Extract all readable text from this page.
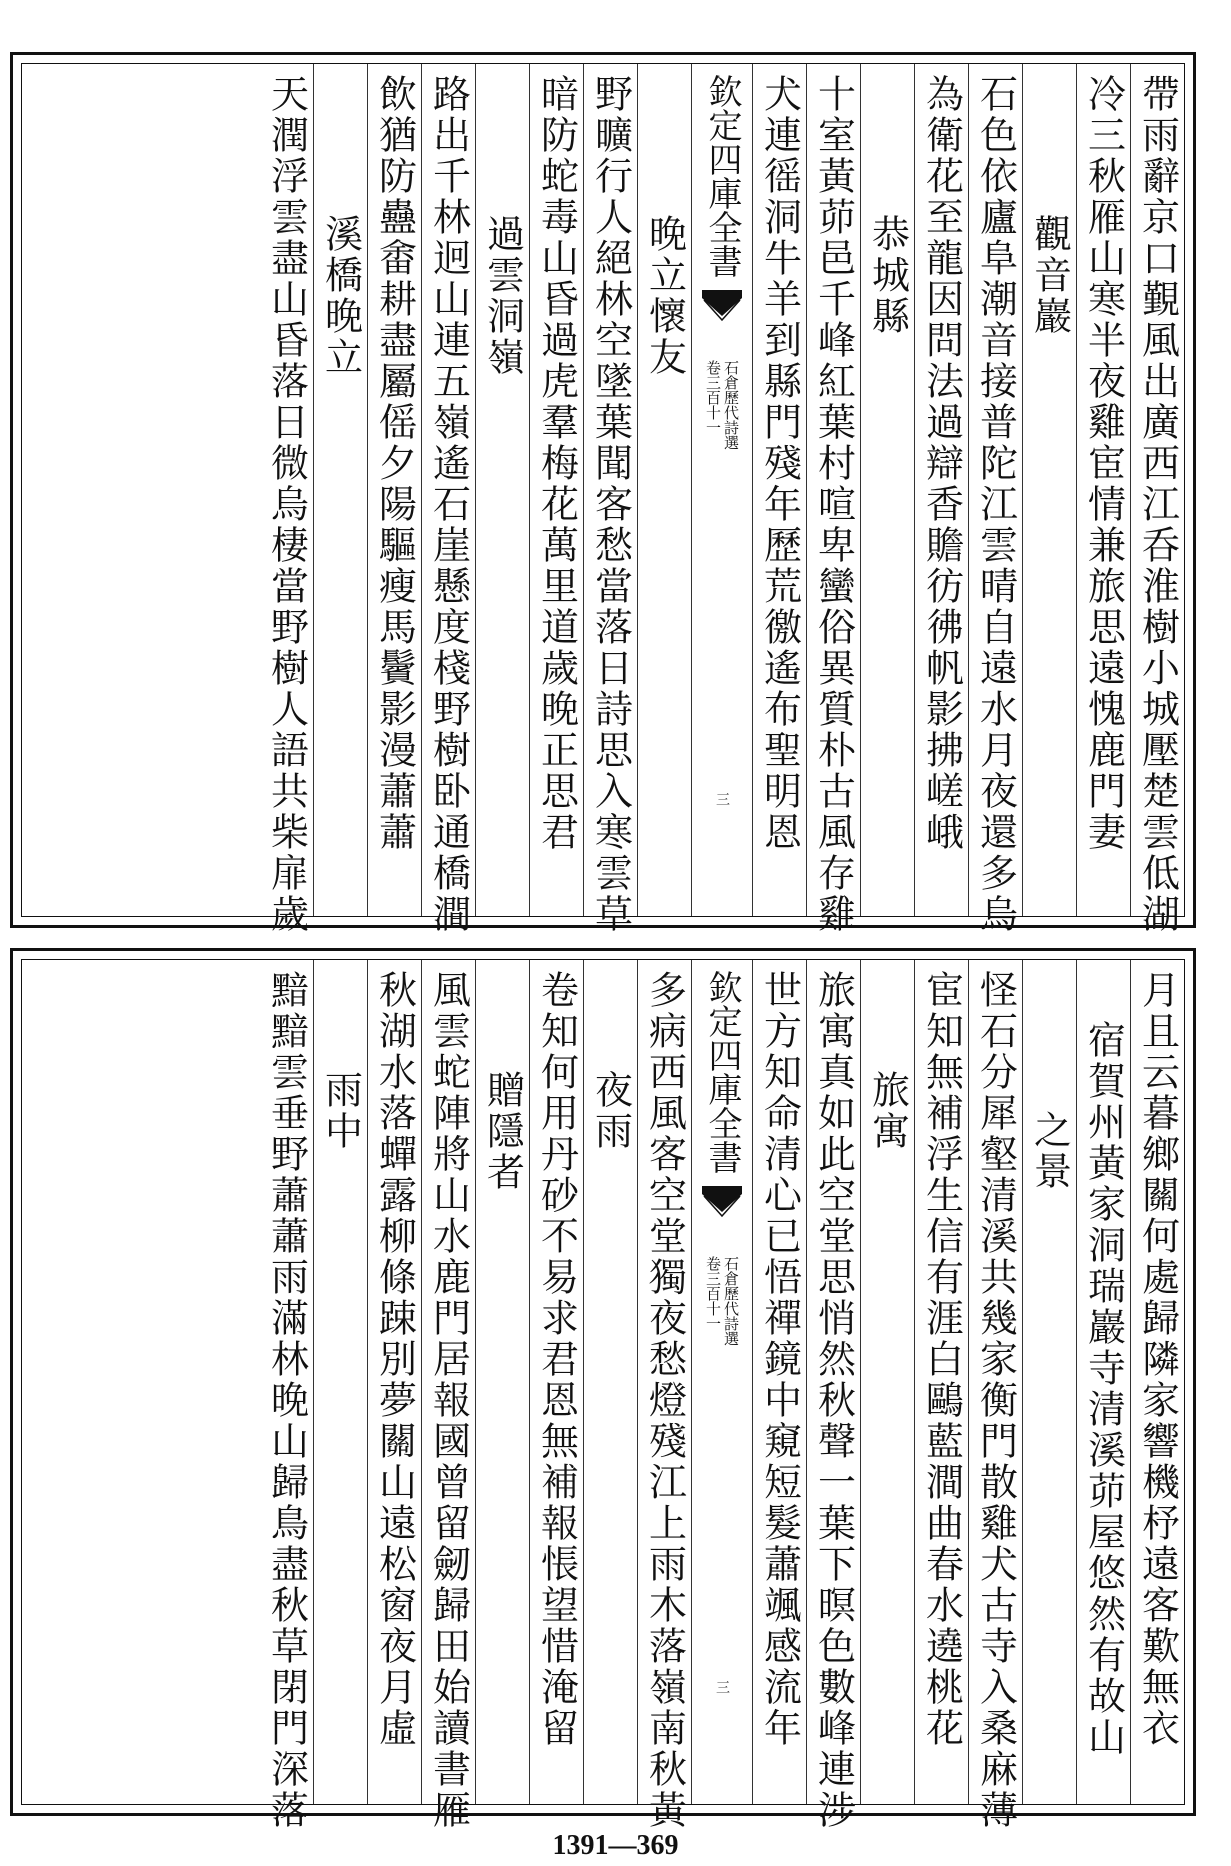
帶雨辭京口覲風出廣西江呑淮樹小城壓楚雲低湖
冷三秋雁山寒半夜雞宦情兼旅思遠愧鹿門妻
觀音巖
石色依廬阜潮音接普陀江雲晴自遠水月夜還多烏
為衛花至龍因問法過辯香贍彷彿帆影拂嵯峨
恭城縣
十室黃茆邑千峰紅葉村喧卑蠻俗異質朴古風存雞
犬連徭洞牛羊到縣門殘年歷荒徼遙布聖明恩
欽定四庫全書
石倉歷代詩選
卷三百十一
三
晚立懷友
野曠行人絕林空墜葉聞客愁當落日詩思入寒雲草
暗防蛇毒山昏過虎羣梅花萬里道歲晚正思君
過雲洞嶺
路出千林迥山連五嶺遙石崖懸度棧野樹卧通橋澗
飲猶防蠱畬耕盡屬傜夕陽驅瘦馬鬢影漫蕭蕭
溪橋晚立
天潤浮雲盡山昏落日微烏棲當野樹人語共柴扉歲
月且云暮鄉關何處歸隣家響機杼遠客歎無衣
宿賀州黃家洞瑞巖寺清溪茆屋悠然有故山
之景
怪石分犀壑清溪共幾家衡門散雞犬古寺入桑麻薄
宦知無補浮生信有涯白鷗藍澗曲春水遶桃花
旅寓
旅寓真如此空堂思悄然秋聲一葉下暝色數峰連涉
世方知命清心已悟禪鏡中窺短髮蕭颯感流年
欽定四庫全書
石倉歷代詩選
卷三百十一
三
多病西風客空堂獨夜愁燈殘江上雨木落嶺南秋黃
夜雨
卷知何用丹砂不易求君恩無補報悵望惜淹留
贈隱者
風雲蛇陣將山水鹿門居報國曾留劒歸田始讀書雁
秋湖水落蟬露柳條踈別夢關山遠松窗夜月虛
雨中
黯黯雲垂野蕭蕭雨滿林晚山歸鳥盡秋草閉門深落
1391—369
